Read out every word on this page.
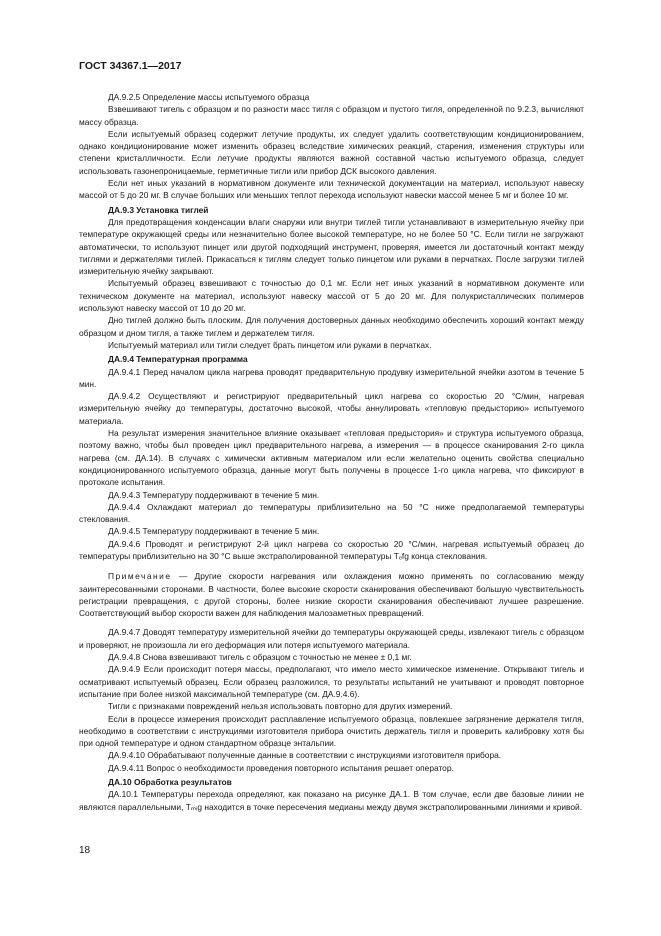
ГОСТ 34367.1—2017

ДА.9.2.5 Определение массы испытуемого образца

Взвешивают тигель с образцом и по разности масс тигля с образцом и пустого тигля, определенной по 9.2.3, вычисляют массу образца.

Если испытуемый образец содержит летучие продукты, их следует удалить соответствующим кондиционированием, однако кондиционирование может изменить образец вследствие химических реакций, старения, изменения структуры или степени кристалличности. Если летучие продукты являются важной составной частью испытуемого образца, следует использовать газонепроницаемые, герметичные тигли или прибор ДСК высокого давления.

Если нет иных указаний в нормативном документе или технической документации на материал, используют навеску массой от 5 до 20 мг. В случае больших или меньших теплот перехода используют навески массой менее 5 мг и более 10 мг.

ДА.9.3 Установка тиглей

Для предотвращения конденсации влаги снаружи или внутри тиглей тигли устанавливают в измерительную ячейку при температуре окружающей среды или незначительно более высокой температуре, но не более 50 °С. Если тигли не загружают автоматически, то используют пинцет или другой подходящий инструмент, проверяя, имеется ли достаточный контакт между тиглями и держателями тиглей. Прикасаться к тиглям следует только пинцетом или руками в перчатках. После загрузки тиглей измерительную ячейку закрывают.

Испытуемый образец взвешивают с точностью до 0,1 мг. Если нет иных указаний в нормативном документе или техническом документе на материал, используют навеску массой от 5 до 20 мг. Для полукристаллических полимеров используют навеску массой от 10 до 20 мг.

Дно тиглей должно быть плоским. Для получения достоверных данных необходимо обеспечить хороший контакт между образцом и дном тигля, а также тиглем и держателем тигля.

Испытуемый материал или тигли следует брать пинцетом или руками в перчатках.

ДА.9.4 Температурная программа

ДА.9.4.1 Перед началом цикла нагрева проводят предварительную продувку измерительной ячейки азотом в течение 5 мин.

ДА.9.4.2 Осуществляют и регистрируют предварительный цикл нагрева со скоростью 20 °С/мин, нагревая измерительную ячейку до температуры, достаточно высокой, чтобы аннулировать «тепловую предысторию» испытуемого материала.

На результат измерения значительное влияние оказывает «тепловая предыстория» и структура испытуемого образца, поэтому важно, чтобы был проведен цикл предварительного нагрева, а измерения — в процессе сканирования 2-го цикла нагрева (см. ДА.14). В случаях с химически активным материалом или если желательно оценить свойства специально кондиционированного испытуемого образца, данные могут быть получены в процессе 1-го цикла нагрева, что фиксируют в протоколе испытания.

ДА.9.4.3 Температуру поддерживают в течение 5 мин.

ДА.9.4.4 Охлаждают материал до температуры приблизительно на 50 °С ниже предполагаемой температуры стеклования.

ДА.9.4.5 Температуру поддерживают в течение 5 мин.

ДА.9.4.6 Проводят и регистрируют 2-й цикл нагрева со скоростью 20 °С/мин, нагревая испытуемый образец до температуры приблизительно на 30 °С выше экстраполированной температуры Tₑfg конца стеклования.

Примечание — Другие скорости нагревания или охлаждения можно применять по согласованию между заинтересованными сторонами. В частности, более высокие скорости сканирования обеспечивают большую чувствительность регистрации превращения, с другой стороны, более низкие скорости сканирования обеспечивают лучшее разрешение. Соответствующий выбор скорости важен для наблюдения малозаметных превращений.

ДА.9.4.7 Доводят температуру измерительной ячейки до температуры окружающей среды, извлекают тигель с образцом и проверяют, не произошла ли его деформация или потеря испытуемого материала.

ДА.9.4.8 Снова взвешивают тигель с образцом с точностью не менее ± 0,1 мг.

ДА.9.4.9 Если происходит потеря массы, предполагают, что имело место химическое изменение. Открывают тигель и осматривают испытуемый образец. Если образец разложился, то результаты испытаний не учитывают и проводят повторное испытание при более низкой максимальной температуре (см. ДА.9.4.6).

Тигли с признаками повреждений нельзя использовать повторно для других измерений.

Если в процессе измерения происходит расплавление испытуемого образца, повлекшее загрязнение держателя тигля, необходимо в соответствии с инструкциями изготовителя прибора очистить держатель тигля и проверить калибровку хотя бы при одной температуре и одном стандартном образце энтальпии.

ДА.9.4.10 Обрабатывают полученные данные в соответствии с инструкциями изготовителя прибора.

ДА.9.4.11 Вопрос о необходимости проведения повторного испытания решает оператор.

ДА.10 Обработка результатов

ДА.10.1 Температуры перехода определяют, как показано на рисунке ДА.1. В том случае, если две базовые линии не являются параллельными, Tₘᵢg находится в точке пересечения медианы между двумя экстраполированными линиями и кривой.

18
